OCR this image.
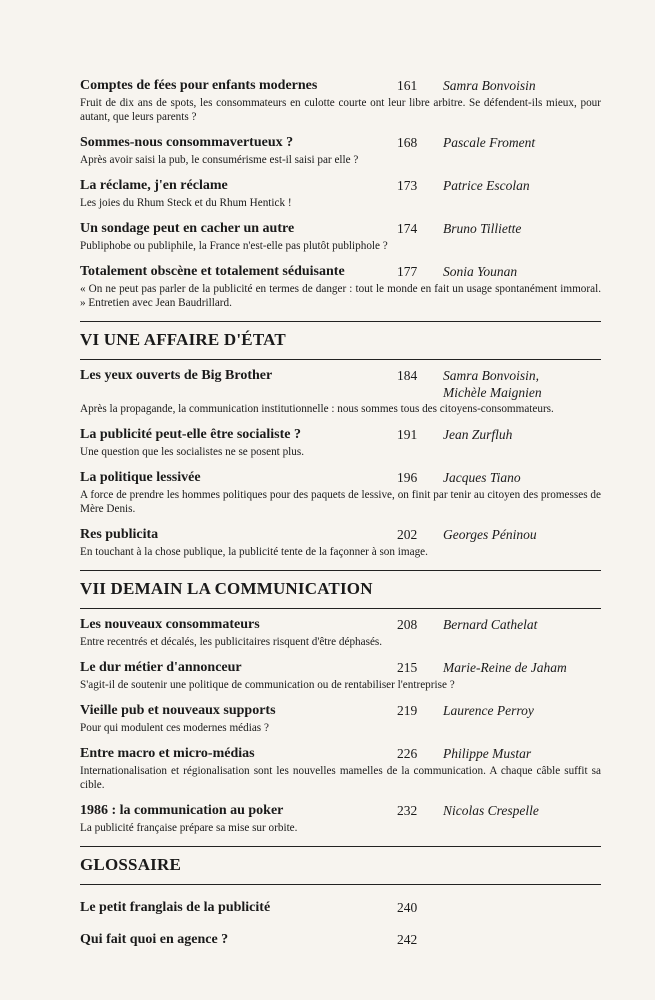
Comptes de fées pour enfants modernes	161 Samra Bonvoisin
Fruit de dix ans de spots, les consommateurs en culotte courte ont leur libre arbitre. Se défendent-ils mieux, pour autant, que leurs parents ?
Sommes-nous consommavertueux ?	168 Pascale Froment
Après avoir saisi la pub, le consumérisme est-il saisi par elle ?
La réclame, j'en réclame	173 Patrice Escolan
Les joies du Rhum Steck et du Rhum Hentick !
Un sondage peut en cacher un autre	174 Bruno Tilliette
Publiphobe ou publiphile, la France n'est-elle pas plutôt publiphole ?
Totalement obscène et totalement séduisante	177 Sonia Younan
« On ne peut pas parler de la publicité en termes de danger : tout le monde en fait un usage spontanément immoral. » Entretien avec Jean Baudrillard.
VI UNE AFFAIRE D'ÉTAT
Les yeux ouverts de Big Brother	184 Samra Bonvoisin,
Michèle Maignien
Après la propagande, la communication institutionnelle : nous sommes tous des citoyens-consommateurs.
La publicité peut-elle être socialiste ?	191 Jean Zurfluh
Une question que les socialistes ne se posent plus.
La politique lessivée	196 Jacques Tiano
A force de prendre les hommes politiques pour des paquets de lessive, on finit par tenir au citoyen des promesses de Mère Denis.
Res publicita	202 Georges Péninou
En touchant à la chose publique, la publicité tente de la façonner à son image.
VII DEMAIN LA COMMUNICATION
Les nouveaux consommateurs	208 Bernard Cathelat
Entre recentrés et décalés, les publicitaires risquent d'être déphasés.
Le dur métier d'annonceur	215 Marie-Reine de Jaham
S'agit-il de soutenir une politique de communication ou de rentabiliser l'entreprise ?
Vieille pub et nouveaux supports	219 Laurence Perroy
Pour qui modulent ces modernes médias ?
Entre macro et micro-médias	226 Philippe Mustar
Internationalisation et régionalisation sont les nouvelles mamelles de la communication. A chaque câble suffit sa cible.
1986 : la communication au poker	232 Nicolas Crespelle
La publicité française prépare sa mise sur orbite.
GLOSSAIRE
Le petit franglais de la publicité	240
Qui fait quoi en agence ?	242
